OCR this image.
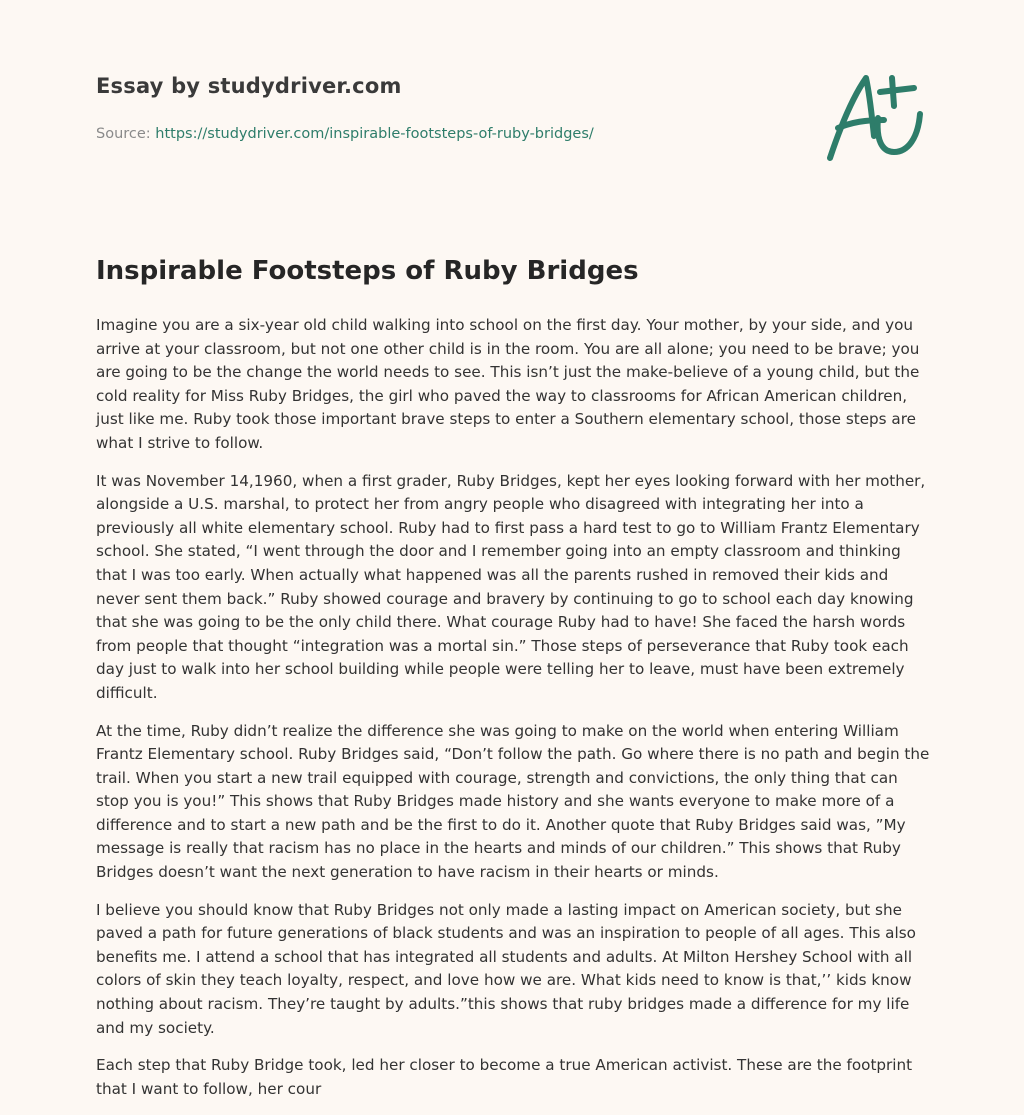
Essay by studydriver.com
Source: https://studydriver.com/inspirable-footsteps-of-ruby-bridges/
Inspirable Footsteps of Ruby Bridges

Imagine you are a six-year old child walking into school on the first day. Your mother, by your side, and you arrive at your classroom, but not one other child is in the room. You are all alone; you need to be brave; you are going to be the change the world needs to see. This isn’t just the make-believe of a young child, but the cold reality for Miss Ruby Bridges, the girl who paved the way to classrooms for African American children, just like me. Ruby took those important brave steps to enter a Southern elementary school, those steps are what I strive to follow.

It was November 14,1960, when a first grader, Ruby Bridges, kept her eyes looking forward with her mother, alongside a U.S. marshal, to protect her from angry people who disagreed with integrating her into a previously all white elementary school. Ruby had to first pass a hard test to go to William Frantz Elementary school. She stated, “I went through the door and I remember going into an empty classroom and thinking that I was too early. When actually what happened was all the parents rushed in removed their kids and never sent them back.” Ruby showed courage and bravery by continuing to go to school each day knowing that she was going to be the only child there. What courage Ruby had to have! She faced the harsh words from people that thought “integration was a mortal sin.” Those steps of perseverance that Ruby took each day just to walk into her school building while people were telling her to leave, must have been extremely difficult.

At the time, Ruby didn’t realize the difference she was going to make on the world when entering William Frantz Elementary school. Ruby Bridges said, “Don’t follow the path. Go where there is no path and begin the trail. When you start a new trail equipped with courage, strength and convictions, the only thing that can stop you is you!” This shows that Ruby Bridges made history and she wants everyone to make more of a difference and to start a new path and be the first to do it. Another quote that Ruby Bridges said was, ”My message is really that racism has no place in the hearts and minds of our children.” This shows that Ruby Bridges doesn’t want the next generation to have racism in their hearts or minds.

I believe you should know that Ruby Bridges not only made a lasting impact on American society, but she paved a path for future generations of black students and was an inspiration to people of all ages. This also benefits me. I attend a school that has integrated all students and adults. At Milton Hershey School with all colors of skin they teach loyalty, respect, and love how we are. What kids need to know is that,’’ kids know nothing about racism. They’re taught by adults.”this shows that ruby bridges made a difference for my life and my society.

Each step that Ruby Bridge took, led her closer to become a true American activist. These are the footprint that I want to follow, her cour
